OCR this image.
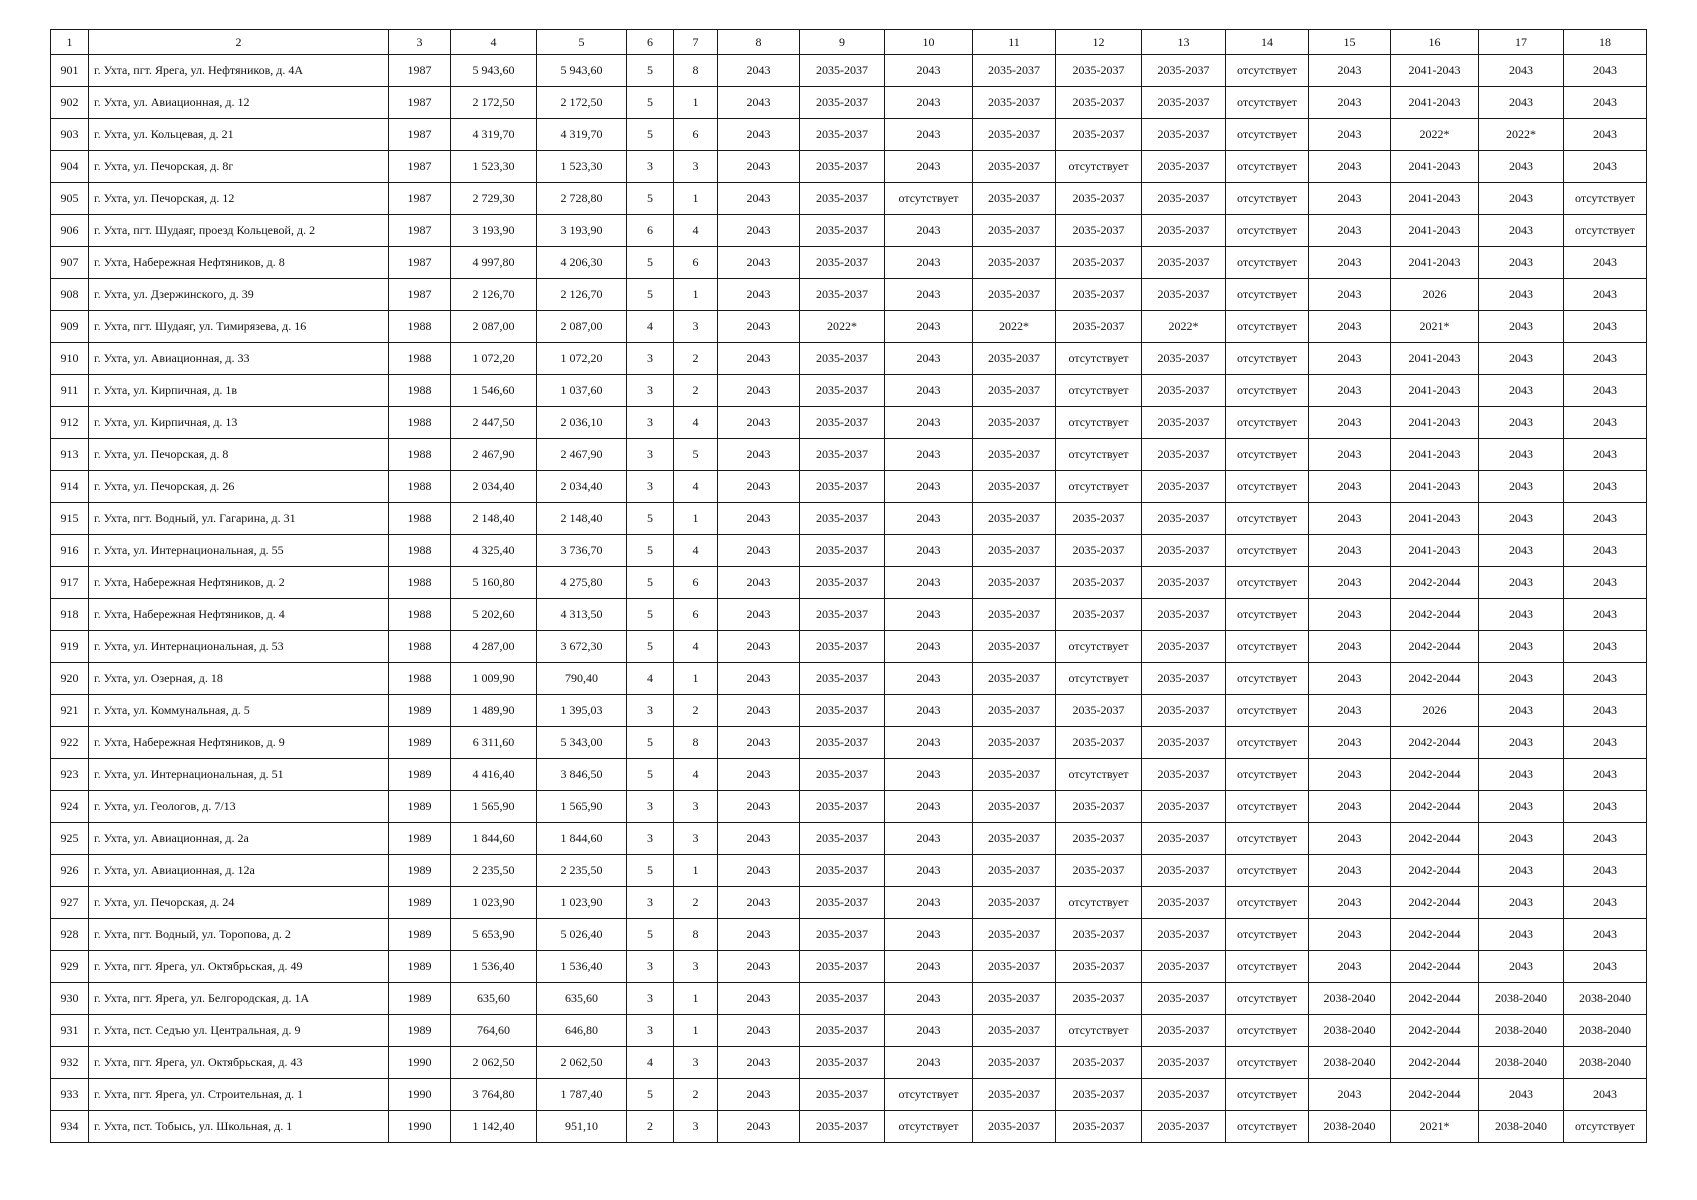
1	2	3	4	5	6	7	8	9	10	11	12	13	14	15	16	17	18
901	г. Ухта, пгт. Ярега, ул. Нефтяников, д. 4А	1987	5 943,60	5 943,60	5	8	2043	2035-2037	2043	2035-2037	2035-2037	2035-2037	отсутствует	2043	2041-2043	2043	2043
902	г. Ухта, ул. Авиационная, д. 12	1987	2 172,50	2 172,50	5	1	2043	2035-2037	2043	2035-2037	2035-2037	2035-2037	отсутствует	2043	2041-2043	2043	2043
903	г. Ухта, ул. Кольцевая, д. 21	1987	4 319,70	4 319,70	5	6	2043	2035-2037	2043	2035-2037	2035-2037	2035-2037	отсутствует	2043	2022*	2022*	2043
904	г. Ухта, ул. Печорская, д. 8г	1987	1 523,30	1 523,30	3	3	2043	2035-2037	2043	2035-2037	отсутствует	2035-2037	отсутствует	2043	2041-2043	2043	2043
905	г. Ухта, ул. Печорская, д. 12	1987	2 729,30	2 728,80	5	1	2043	2035-2037	отсутствует	2035-2037	2035-2037	2035-2037	отсутствует	2043	2041-2043	2043	отсутствует
906	г. Ухта, пгт. Шудаяг, проезд Кольцевой, д. 2	1987	3 193,90	3 193,90	6	4	2043	2035-2037	2043	2035-2037	2035-2037	2035-2037	отсутствует	2043	2041-2043	2043	отсутствует
907	г. Ухта, Набережная Нефтяников, д. 8	1987	4 997,80	4 206,30	5	6	2043	2035-2037	2043	2035-2037	2035-2037	2035-2037	отсутствует	2043	2041-2043	2043	2043
908	г. Ухта, ул. Дзержинского, д. 39	1987	2 126,70	2 126,70	5	1	2043	2035-2037	2043	2035-2037	2035-2037	2035-2037	отсутствует	2043	2026	2043	2043
909	г. Ухта, пгт. Шудаяг, ул. Тимирязева, д. 16	1988	2 087,00	2 087,00	4	3	2043	2022*	2043	2022*	2035-2037	2022*	отсутствует	2043	2021*	2043	2043
910	г. Ухта, ул. Авиационная, д. 33	1988	1 072,20	1 072,20	3	2	2043	2035-2037	2043	2035-2037	отсутствует	2035-2037	отсутствует	2043	2041-2043	2043	2043
911	г. Ухта, ул. Кирпичная, д. 1в	1988	1 546,60	1 037,60	3	2	2043	2035-2037	2043	2035-2037	отсутствует	2035-2037	отсутствует	2043	2041-2043	2043	2043
912	г. Ухта, ул. Кирпичная, д. 13	1988	2 447,50	2 036,10	3	4	2043	2035-2037	2043	2035-2037	отсутствует	2035-2037	отсутствует	2043	2041-2043	2043	2043
913	г. Ухта, ул. Печорская, д. 8	1988	2 467,90	2 467,90	3	5	2043	2035-2037	2043	2035-2037	отсутствует	2035-2037	отсутствует	2043	2041-2043	2043	2043
914	г. Ухта, ул. Печорская, д. 26	1988	2 034,40	2 034,40	3	4	2043	2035-2037	2043	2035-2037	отсутствует	2035-2037	отсутствует	2043	2041-2043	2043	2043
915	г. Ухта, пгт. Водный, ул. Гагарина, д. 31	1988	2 148,40	2 148,40	5	1	2043	2035-2037	2043	2035-2037	2035-2037	2035-2037	отсутствует	2043	2041-2043	2043	2043
916	г. Ухта, ул. Интернациональная, д. 55	1988	4 325,40	3 736,70	5	4	2043	2035-2037	2043	2035-2037	2035-2037	2035-2037	отсутствует	2043	2041-2043	2043	2043
917	г. Ухта, Набережная Нефтяников, д. 2	1988	5 160,80	4 275,80	5	6	2043	2035-2037	2043	2035-2037	2035-2037	2035-2037	отсутствует	2043	2042-2044	2043	2043
918	г. Ухта, Набережная Нефтяников, д. 4	1988	5 202,60	4 313,50	5	6	2043	2035-2037	2043	2035-2037	2035-2037	2035-2037	отсутствует	2043	2042-2044	2043	2043
919	г. Ухта, ул. Интернациональная, д. 53	1988	4 287,00	3 672,30	5	4	2043	2035-2037	2043	2035-2037	отсутствует	2035-2037	отсутствует	2043	2042-2044	2043	2043
920	г. Ухта, ул. Озерная, д. 18	1988	1 009,90	790,40	4	1	2043	2035-2037	2043	2035-2037	отсутствует	2035-2037	отсутствует	2043	2042-2044	2043	2043
921	г. Ухта, ул. Коммунальная, д. 5	1989	1 489,90	1 395,03	3	2	2043	2035-2037	2043	2035-2037	2035-2037	2035-2037	отсутствует	2043	2026	2043	2043
922	г. Ухта, Набережная Нефтяников, д. 9	1989	6 311,60	5 343,00	5	8	2043	2035-2037	2043	2035-2037	2035-2037	2035-2037	отсутствует	2043	2042-2044	2043	2043
923	г. Ухта, ул. Интернациональная, д. 51	1989	4 416,40	3 846,50	5	4	2043	2035-2037	2043	2035-2037	отсутствует	2035-2037	отсутствует	2043	2042-2044	2043	2043
924	г. Ухта, ул. Геологов, д. 7/13	1989	1 565,90	1 565,90	3	3	2043	2035-2037	2043	2035-2037	2035-2037	2035-2037	отсутствует	2043	2042-2044	2043	2043
925	г. Ухта, ул. Авиационная, д. 2а	1989	1 844,60	1 844,60	3	3	2043	2035-2037	2043	2035-2037	2035-2037	2035-2037	отсутствует	2043	2042-2044	2043	2043
926	г. Ухта, ул. Авиационная, д. 12а	1989	2 235,50	2 235,50	5	1	2043	2035-2037	2043	2035-2037	2035-2037	2035-2037	отсутствует	2043	2042-2044	2043	2043
927	г. Ухта, ул. Печорская, д. 24	1989	1 023,90	1 023,90	3	2	2043	2035-2037	2043	2035-2037	отсутствует	2035-2037	отсутствует	2043	2042-2044	2043	2043
928	г. Ухта, пгт. Водный, ул. Торопова, д. 2	1989	5 653,90	5 026,40	5	8	2043	2035-2037	2043	2035-2037	2035-2037	2035-2037	отсутствует	2043	2042-2044	2043	2043
929	г. Ухта, пгт. Ярега, ул. Октябрьская, д. 49	1989	1 536,40	1 536,40	3	3	2043	2035-2037	2043	2035-2037	2035-2037	2035-2037	отсутствует	2043	2042-2044	2043	2043
930	г. Ухта, пгт. Ярега, ул. Белгородская, д. 1А	1989	635,60	635,60	3	1	2043	2035-2037	2043	2035-2037	2035-2037	2035-2037	отсутствует	2038-2040	2042-2044	2038-2040	2038-2040
931	г. Ухта, пст. Седъю ул. Центральная, д. 9	1989	764,60	646,80	3	1	2043	2035-2037	2043	2035-2037	отсутствует	2035-2037	отсутствует	2038-2040	2042-2044	2038-2040	2038-2040
932	г. Ухта, пгт. Ярега, ул. Октябрьская, д. 43	1990	2 062,50	2 062,50	4	3	2043	2035-2037	2043	2035-2037	2035-2037	2035-2037	отсутствует	2038-2040	2042-2044	2038-2040	2038-2040
933	г. Ухта, пгт. Ярега, ул. Строительная, д. 1	1990	3 764,80	1 787,40	5	2	2043	2035-2037	отсутствует	2035-2037	2035-2037	2035-2037	отсутствует	2043	2042-2044	2043	2043
934	г. Ухта, пст. Тобысь, ул. Школьная, д. 1	1990	1 142,40	951,10	2	3	2043	2035-2037	отсутствует	2035-2037	2035-2037	2035-2037	отсутствует	2038-2040	2021*	2038-2040	отсутствует
